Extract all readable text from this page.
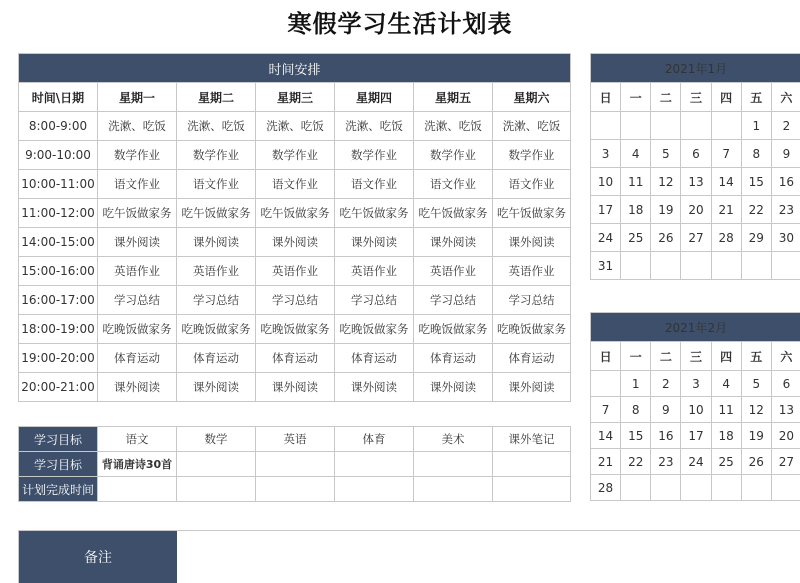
寒假学习生活计划表
时间安排						
时间\日期	星期一	星期二	星期三	星期四	星期五	星期六
8:00-9:00	洗漱、吃饭	洗漱、吃饭	洗漱、吃饭	洗漱、吃饭	洗漱、吃饭	洗漱、吃饭
9:00-10:00	数学作业	数学作业	数学作业	数学作业	数学作业	数学作业
10:00-11:00	语文作业	语文作业	语文作业	语文作业	语文作业	语文作业
11:00-12:00	吃午饭做家务	吃午饭做家务	吃午饭做家务	吃午饭做家务	吃午饭做家务	吃午饭做家务
14:00-15:00	课外阅读	课外阅读	课外阅读	课外阅读	课外阅读	课外阅读
15:00-16:00	英语作业	英语作业	英语作业	英语作业	英语作业	英语作业
16:00-17:00	学习总结	学习总结	学习总结	学习总结	学习总结	学习总结
18:00-19:00	吃晚饭做家务	吃晚饭做家务	吃晚饭做家务	吃晚饭做家务	吃晚饭做家务	吃晚饭做家务
19:00-20:00	体育运动	体育运动	体育运动	体育运动	体育运动	体育运动
20:00-21:00	课外阅读	课外阅读	课外阅读	课外阅读	课外阅读	课外阅读
学习目标	语文	数学	英语	体育	美术	课外笔记
学习目标	背诵唐诗30首					
计划完成时间						
2021年1月						
日	一	二	三	四	五	六
					1	2
3	4	5	6	7	8	9
10	11	12	13	14	15	16
17	18	19	20	21	22	23
24	25	26	27	28	29	30
31						
2021年2月						
日	一	二	三	四	五	六
	1	2	3	4	5	6
7	8	9	10	11	12	13
14	15	16	17	18	19	20
21	22	23	24	25	26	27
28						
备注
